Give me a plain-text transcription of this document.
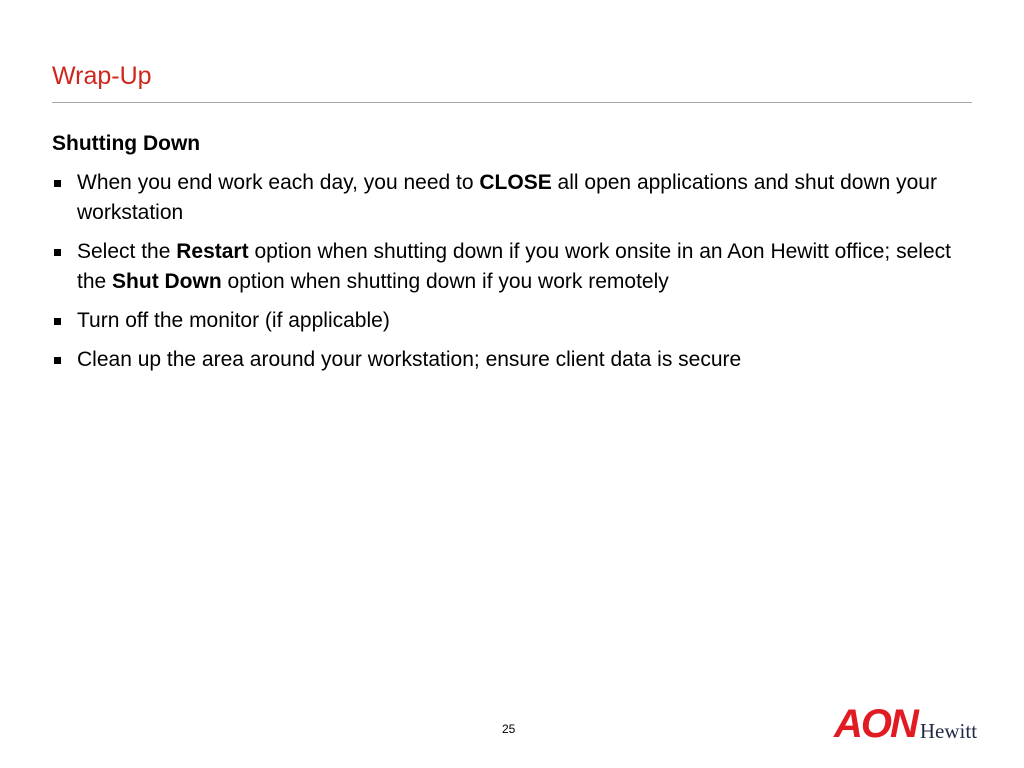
Wrap-Up
Shutting Down
When you end work each day, you need to CLOSE all open applications and shut down your workstation
Select the Restart option when shutting down if you work onsite in an Aon Hewitt office; select the Shut Down option when shutting down if you work remotely
Turn off the monitor (if applicable)
Clean up the area around your workstation; ensure client data is secure
25	AON Hewitt
